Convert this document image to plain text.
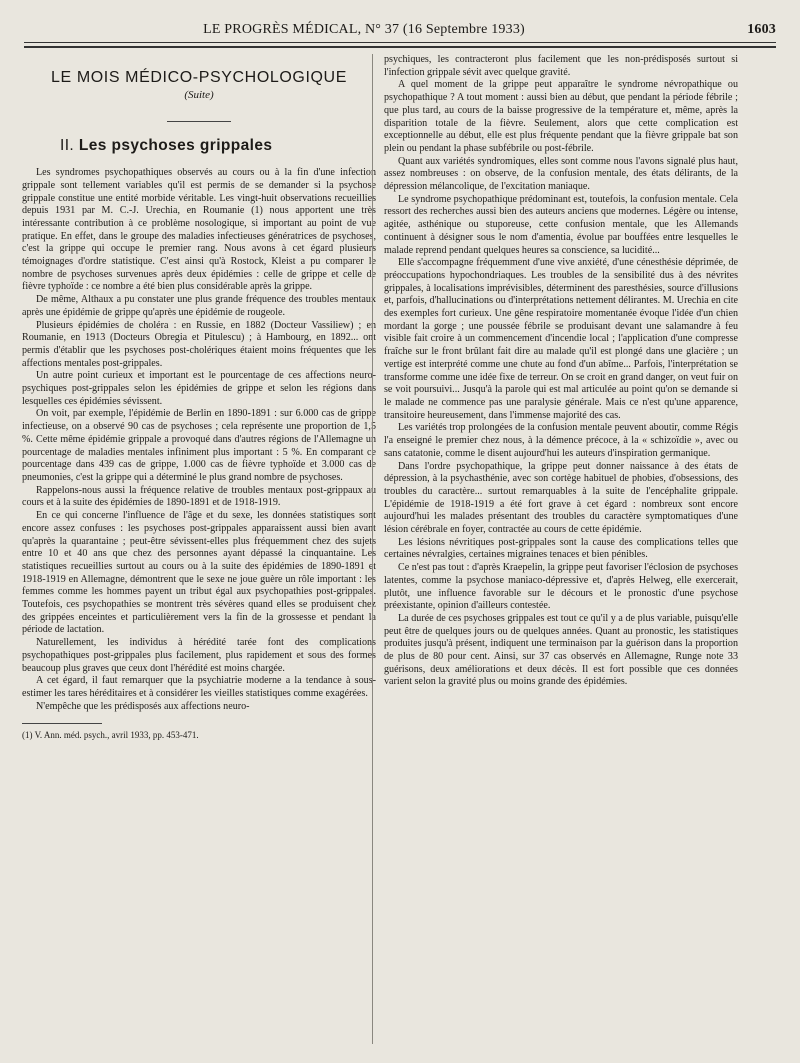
LE PROGRÈS MÉDICAL, N° 37 (16 Septembre 1933)	1603
LE MOIS MÉDICO-PSYCHOLOGIQUE
(Suite)
II. Les psychoses grippales

Les syndromes psychopathiques observés au cours ou à la fin d'une infection grippale sont tellement variables qu'il est permis de se demander si la psychose grippale constitue une entité morbide véritable. Les vingt-huit observations recueillies depuis 1931 par M. C.-J. Urechia, en Roumanie (1) nous apportent une très intéressante contribution à ce problème nosologique, si important au point de vue pratique. En effet, dans le groupe des maladies infectieuses génératrices de psychoses, c'est la grippe qui occupe le premier rang. Nous avons à cet égard plusieurs témoignages d'ordre statistique. C'est ainsi qu'à Rostock, Kleist a pu comparer le nombre de psychoses survenues après deux épidémies : celle de grippe et celle de fièvre typhoïde : ce nombre a été bien plus considérable après la grippe.

De même, Althaux a pu constater une plus grande fréquence des troubles mentaux après une épidémie de grippe qu'après une épidémie de rougeole.

Plusieurs épidémies de choléra : en Russie, en 1882 (Docteur Vassiliew) ; en Roumanie, en 1913 (Docteurs Obregia et Pitulescu) ; à Hambourg, en 1892... ont permis d'établir que les psychoses post-cholériques étaient moins fréquentes que les affections mentales post-grippales.

Un autre point curieux et important est le pourcentage de ces affections neuro-psychiques post-grippales selon les épidémies de grippe et selon les régions dans lesquelles ces épidémies sévissent.

On voit, par exemple, l'épidémie de Berlin en 1890-1891 : sur 6.000 cas de grippe infectieuse, on a observé 90 cas de psychoses ; cela représente une proportion de 1,5 %. Cette même épidémie grippale a provoqué dans d'autres régions de l'Allemagne un pourcentage de maladies mentales infiniment plus important : 5 %. En comparant ce pourcentage dans 439 cas de grippe, 1.000 cas de fièvre typhoïde et 3.000 cas de pneumonies, c'est la grippe qui a déterminé le plus grand nombre de psychoses.

Rappelons-nous aussi la fréquence relative de troubles mentaux post-grippaux au cours et à la suite des épidémies de 1890-1891 et de 1918-1919.

En ce qui concerne l'influence de l'âge et du sexe, les données statistiques sont encore assez confuses : les psychoses post-grippales apparaissent aussi bien avant qu'après la quarantaine ; peut-être sévissent-elles plus fréquemment chez des sujets entre 10 et 40 ans que chez des personnes ayant dépassé la cinquantaine. Les statistiques recueillies surtout au cours ou à la suite des épidémies de 1890-1891 et 1918-1919 en Allemagne, démontrent que le sexe ne joue guère un rôle important : les femmes comme les hommes payent un tribut égal aux psychopathies post-grippales. Toutefois, ces psychopathies se montrent très sévères quand elles se produisent chez des grippées enceintes et particulièrement vers la fin de la grossesse et pendant la période de lactation.

Naturellement, les individus à hérédité tarée font des complications psychopathiques post-grippales plus facilement, plus rapidement et sous des formes beaucoup plus graves que ceux dont l'hérédité est moins chargée.

A cet égard, il faut remarquer que la psychiatrie moderne a la tendance à sous-estimer les tares héréditaires et à considérer les vieilles statistiques comme exagérées.

N'empêche que les prédisposés aux affections neuro-

(1) V. Ann. méd. psych., avril 1933, pp. 453-471.

psychiques, les contracteront plus facilement que les non-prédisposés surtout si l'infection grippale sévit avec quelque gravité.

A quel moment de la grippe peut apparaître le syndrome névropathique ou psychopathique ? A tout moment : aussi bien au début, que pendant la période fébrile ; que plus tard, au cours de la baisse progressive de la température et, même, après la disparition totale de la fièvre. Seulement, alors que cette complication est exceptionnelle au début, elle est plus fréquente pendant que la fièvre grippale bat son plein ou pendant la phase subfébrile ou post-fébrile.

Quant aux variétés syndromiques, elles sont comme nous l'avons signalé plus haut, assez nombreuses : on observe, de la confusion mentale, des états délirants, de la dépression mélancolique, de l'excitation maniaque.

Le syndrome psychopathique prédominant est, toutefois, la confusion mentale. Cela ressort des recherches aussi bien des auteurs anciens que modernes. Légère ou intense, agitée, asthénique ou stuporeuse, cette confusion mentale, que les Allemands continuent à désigner sous le nom d'amentia, évolue par bouffées entre lesquelles le malade reprend pendant quelques heures sa conscience, sa lucidité...

Elle s'accompagne fréquemment d'une vive anxiété, d'une cénesthésie déprimée, de préoccupations hypochondriaques. Les troubles de la sensibilité dus à des névrites grippales, à localisations imprévisibles, déterminent des paresthésies, source d'illusions et, parfois, d'hallucinations ou d'interprétations nettement délirantes. M. Urechia en cite des exemples fort curieux. Une gêne respiratoire momentanée évoque l'idée d'un chien mordant la gorge ; une poussée fébrile se produisant devant une salamandre à feu visible fait croire à un commencement d'incendie local ; l'application d'une compresse fraîche sur le front brûlant fait dire au malade qu'il est plongé dans une glacière ; un vertige est interprété comme une chute au fond d'un abîme... Parfois, l'interprétation se transforme comme une idée fixe de terreur. On se croit en grand danger, on veut fuir on se voit poursuivi... Jusqu'à la parole qui est mal articulée au point qu'on se demande si le malade ne commence pas une paralysie générale. Mais ce n'est qu'une apparence, transitoire heureusement, dans l'immense majorité des cas.

Les variétés trop prolongées de la confusion mentale peuvent aboutir, comme Régis l'a enseigné le premier chez nous, à la démence précoce, à la « schizoïdie », avec ou sans catatonie, comme le disent aujourd'hui les auteurs d'inspiration germanique.

Dans l'ordre psychopathique, la grippe peut donner naissance à des états de dépression, à la psychasthénie, avec son cortège habituel de phobies, d'obsessions, des troubles du caractère... surtout remarquables à la suite de l'encéphalite grippale. L'épidémie de 1918-1919 a été fort grave à cet égard : nombreux sont encore aujourd'hui les malades présentant des troubles du caractère symptomatiques d'une lésion cérébrale en foyer, contractée au cours de cette épidémie.

Les lésions névritiques post-grippales sont la cause des complications telles que certaines névralgies, certaines migraines tenaces et bien pénibles.

Ce n'est pas tout : d'après Kraepelin, la grippe peut favoriser l'éclosion de psychoses latentes, comme la psychose maniaco-dépressive et, d'après Helweg, elle exercerait, plutôt, une influence favorable sur le décours et le pronostic d'une psychose préexistante, opinion d'ailleurs contestée.

La durée de ces psychoses grippales est tout ce qu'il y a de plus variable, puisqu'elle peut être de quelques jours ou de quelques années. Quant au pronostic, les statistiques produites jusqu'à présent, indiquent une terminaison par la guérison dans la proportion de plus de 80 pour cent. Ainsi, sur 37 cas observés en Allemagne, Runge note 33 guérisons, deux améliorations et deux décès. Il est fort possible que ces données varient selon la gravité plus ou moins grande des épidémies.
